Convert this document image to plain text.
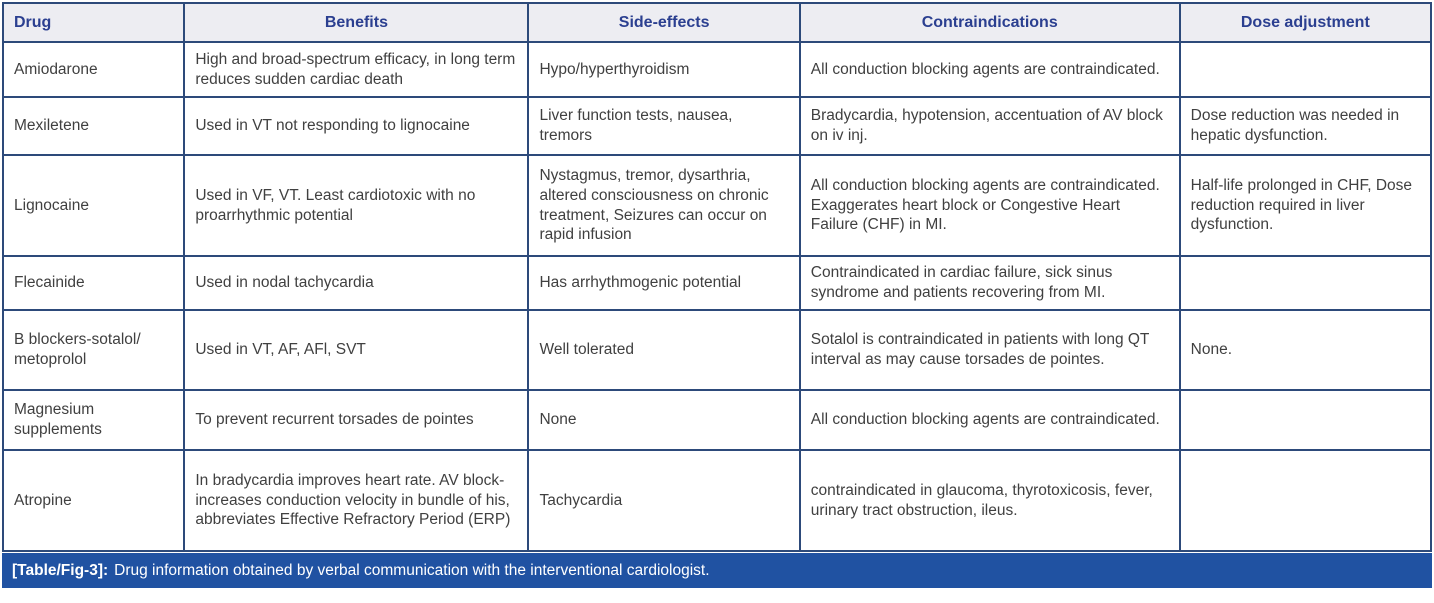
Drug	Benefits	Side-effects	Contraindications	Dose adjustment
Amiodarone	High and broad-spectrum efficacy, in long term reduces sudden cardiac death	Hypo/hyperthyroidism	All conduction blocking agents are contraindicated.	
Mexiletene	Used in VT not responding to lignocaine	Liver function tests, nausea, tremors	Bradycardia, hypotension, accentuation of AV block on iv inj.	Dose reduction was needed in hepatic dysfunction.
Lignocaine	Used in VF, VT. Least cardiotoxic with no proarrhythmic potential	Nystagmus, tremor, dysarthria, altered consciousness on chronic treatment, Seizures can occur on rapid infusion	All conduction blocking agents are contraindicated. Exaggerates heart block or Congestive Heart Failure (CHF) in MI.	Half-life prolonged in CHF, Dose reduction required in liver dysfunction.
Flecainide	Used in nodal tachycardia	Has arrhythmogenic potential	Contraindicated in cardiac failure, sick sinus syndrome and patients recovering from MI.	
B blockers-sotalol/ metoprolol	Used in VT, AF, AFl, SVT	Well tolerated	Sotalol is contraindicated in patients with long QT interval as may cause torsades de pointes.	None.
Magnesium supplements	To prevent recurrent torsades de pointes	None	All conduction blocking agents are contraindicated.	
Atropine	In bradycardia improves heart rate. AV block-increases conduction velocity in bundle of his, abbreviates Effective Refractory Period (ERP)	Tachycardia	contraindicated in glaucoma, thyrotoxicosis, fever, urinary tract obstruction, ileus.	
[Table/Fig-3]: Drug information obtained by verbal communication with the interventional cardiologist.
